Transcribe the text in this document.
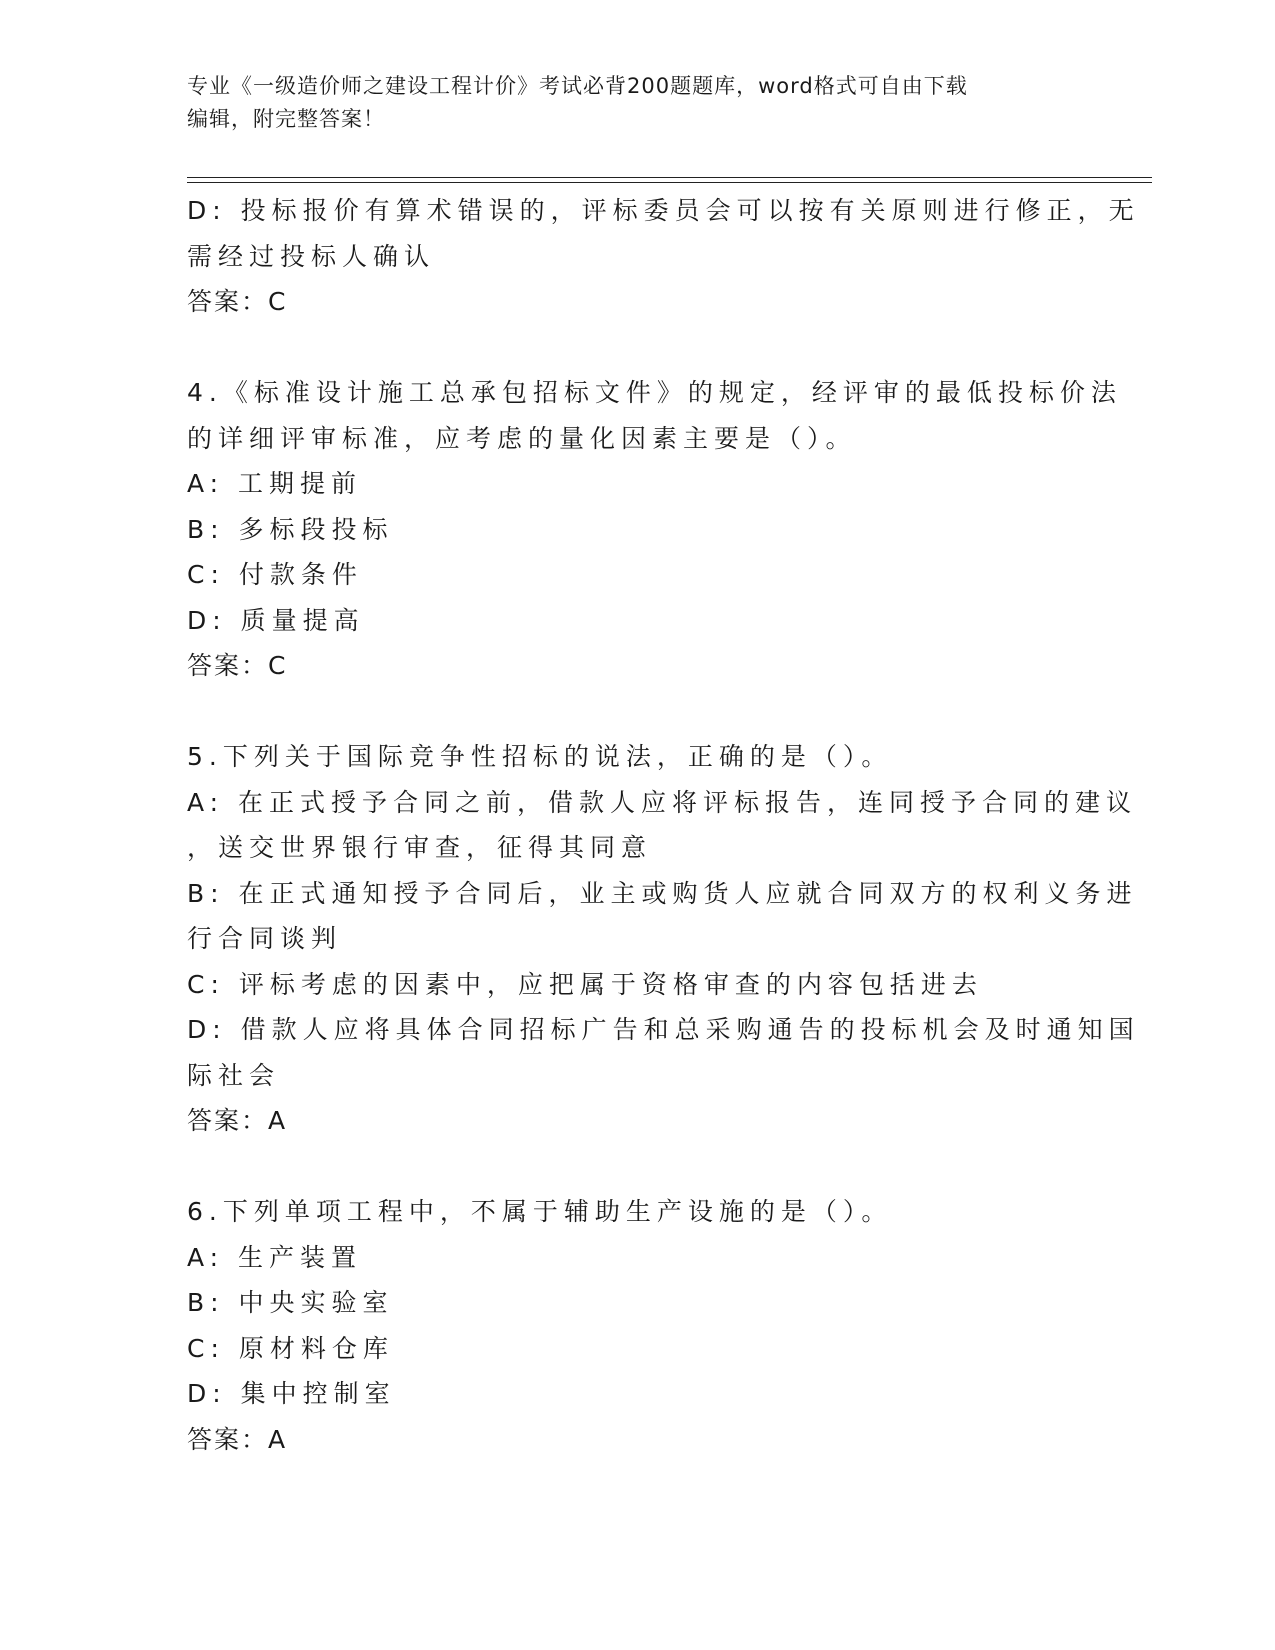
专业《一级造价师之建设工程计价》考试必背200题题库，word格式可自由下载
编辑，附完整答案！
D: 投标报价有算术错误的，评标委员会可以按有关原则进行修正，无
需经过投标人确认
答案：C
4.《标准设计施工总承包招标文件》的规定，经评审的最低投标价法
的详细评审标准，应考虑的量化因素主要是（）。
A: 工期提前
B: 多标段投标
C: 付款条件
D: 质量提高
答案：C
5.下列关于国际竞争性招标的说法，正确的是（）。
A: 在正式授予合同之前，借款人应将评标报告，连同授予合同的建议
，送交世界银行审查，征得其同意
B: 在正式通知授予合同后，业主或购货人应就合同双方的权利义务进
行合同谈判
C: 评标考虑的因素中，应把属于资格审查的内容包括进去
D: 借款人应将具体合同招标广告和总采购通告的投标机会及时通知国
际社会
答案：A
6.下列单项工程中，不属于辅助生产设施的是（）。
A: 生产装置
B: 中央实验室
C: 原材料仓库
D: 集中控制室
答案：A
